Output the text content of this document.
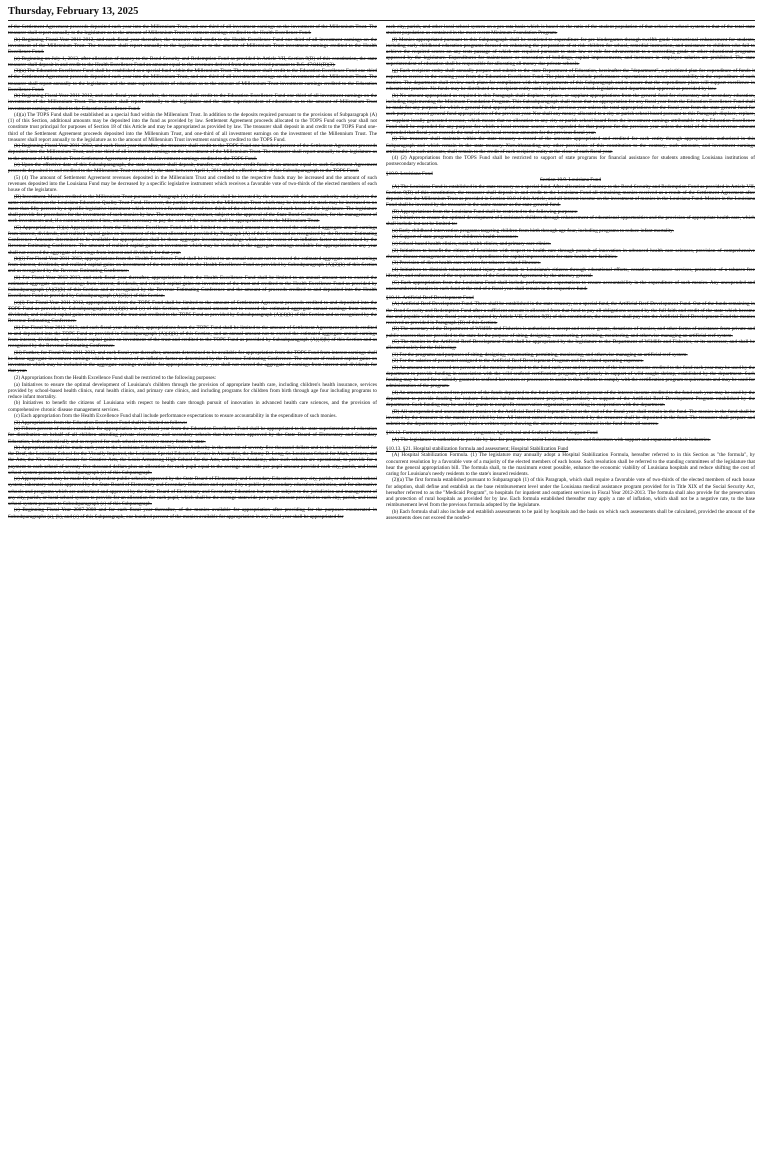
Thursday, February 13, 2025

of the Settlement Agreement proceeds deposited each year into the Millennium Trust, and one-third of all investment earnings on the investment of the Millennium Trust. The treasurer shall report annually to the legislature as to the amount of Millennium Trust investment earnings credited to the Health Excellence Fund.

(b) Beginning Fiscal Year 2011-2012, and each fiscal year thereafter, the treasurer shall credit to the Health Excellence Fund one-third of all investment earnings on the investment of the Millennium Trust. The treasurer shall report annually to the legislature as to the amount of Millennium Trust investment earnings credited to the Health Excellence Fund.

(c) Beginning on July 1, 2012, after allocation of money to the Bond Security and Redemption Fund as provided in Article VII, Section 9(B) of this constitution, the state treasurer shall deposit in and credit to the Health Excellence Fund an amount equal to the revenues derived from the tax levied pursuant to R.S. 47:841(B)(3).

(3)(a) The Education Excellence Fund shall be established as a special fund within the Millennium Trust. The treasurer shall credit to the Education Excellence Fund one-third of the Settlement Agreement proceeds deposited each year into the Millennium Trust, and one-third of all investment earnings on the investment of the Millennium Trust. The treasurer shall report annually to the legislature and the state superintendent of education as to the amount of Millennium Trust investment earnings credited to the Education Excellence Fund.

(b) Beginning Fiscal Year 2011-2012, and each fiscal year thereafter, the treasurer shall credit to the Education Excellence Fund one-third of all investment earnings on the investment of the Millennium Trust. The treasurer shall report annually to the legislature and the state superintendent of education as to the amount of Millennium Trust investment earnings credited to the Education Excellence Fund.

(4)(a) The TOPS Fund shall be established as a special fund within the Millennium Trust. In addition to the deposits required pursuant to the provisions of Subparagraph (A)(1) of this Section, additional amounts may be deposited into the fund as provided by law. Settlement Agreement proceeds allocated to the TOPS Fund each year shall not constitute trust principal for purposes of Section 18 of this Article and may be appropriated as provided by law. The treasurer shall deposit in and credit to the TOPS Fund one-third of the Settlement Agreement proceeds deposited into the Millennium Trust, and one-third of all investment earnings on the investment of the Millennium Trust. The treasurer shall report annually to the legislature as to the amount of Millennium Trust investment earnings credited to the TOPS Fund.

(b) Beginning Fiscal Year 2011-2012, and each fiscal year thereafter, the treasurer shall credit to the TOPS Fund one hundred percent of the Settlement Agreement proceeds deposited into the Millennium Trust, and one-third of all investment earnings on the investment of the Millennium Trust. The treasurer shall report annually to the legislature as to the amount of Millennium Trust Settlement Agreement proceeds and investment earnings credited to the TOPS Fund.

(c) Upon the effective date of this Subsubparagraph, the state treasurer shall deposit, transfer, or otherwise credit funds in an amount equal to such Settlement Agreement proceeds deposited in and credited to the Millennium Trust received by the state between April 1, 2011 and the effective date of this Subsubparagraph to the TOPS Fund.

(5) (4) The amount of Settlement Agreement revenues deposited in the Millennium Trust and credited to the respective funds may be increased and the amount of such revenues deposited into the Louisiana Fund may be decreased by a specific legislative instrument which receives a favorable vote of two-thirds of the elected members of each house of the legislature.

(B) Investment. Monies credited to the Millennium Trust pursuant to Paragraph (A) of this Section shall be invested by the treasurer with the same authority and subject to the same restrictions as the Louisiana Education Quality Trust Fund. However, the portion of monies in the Millennium Trust which may be invested in stock may be increased to no more than fifty percent by a specific legislative instrument which receives a favorable vote of two-thirds of the elected members of each house of the legislature. The legislature shall provide for procedures for the investment of such monies by law. The treasurer may contract, subject to the approval of the State Bond Commission, for the management of such investments and, if a contract is entered into, amounts necessary to pay the costs of the contract shall be appropriated from the Millennium Trust.

(C) Appropriations. (1)(a) Appropriations from the Education Excellence Fund shall be limited to an annual amount not to exceed the estimated aggregate annual earnings from interest, dividends, and realized capital gains on investment of the trust allocated as provided by Paragraph (A) of this Section and as recognized by the Revenue Estimating Conference. Amounts determined to be available for appropriation shall be those aggregate investment earnings which are in excess of an inflation factor as determined by the Revenue Estimating Conference. The amount of realized capital gains on investment which may be included in the aggregate earnings available for appropriation in any year shall not exceed the aggregate of earnings from interest and dividends for that year.

(b)(i) For Fiscal Year 2011-2012, appropriations from the Health Excellence Fund shall be limited to an annual amount not to exceed the estimated aggregate annual earnings from interest, dividends, and realized capital gains on investment of the trust credited to the Health Excellence Fund as provided by Subsubparagraph (A)(2)(b) of this Section and as recognized by the Revenue Estimating Conference.

(ii) For Fiscal Year 2012-2013, and each fiscal year thereafter, appropriations from the Health Excellence Fund shall be limited to an annual amount not to exceed the estimated aggregate annual earnings from interest, dividends, and realized capital gains on investment of the trust and credited to the Health Excellence Fund as provided by Subsubparagraph (A)(2)(b) of this Section and as recognized by the Revenue Estimating Conference and the amount of proceeds credited to and deposited into the Health Excellence Fund as provided by Subsubparagraph (A)(2)(c) of this Section.

(c)(i) For Fiscal Year 2011-2012, appropriations from the TOPS Fund shall be limited to the amount of Settlement Agreement proceeds credited to and deposited into the TOPS Fund as provided by Subsubparagraphs (A)(4)(b) and (c) of this Section, and an annual amount not to exceed the estimated aggregate annual earnings from interest, dividends, and realized capital gains on investment of the trust and credited to the TOPS Fund as provided by Subsubparagraph (A)(4)(b) of this Section and as recognized by the Revenue Estimating Conference.

(ii) For Fiscal Year 2012-2013, and each fiscal year thereafter, appropriations from the TOPS Fund shall be limited to the amount of Settlement Agreement proceeds credited to and deposited into the TOPS Fund as provided in Subsubparagraph (A)(4)(b) of this Section, and an annual amount not to exceed the estimated aggregate annual earnings from interest, dividends, and realized capital gains on investment of the trust and credited to the TOPS Fund as provided by Subsubparagraph (A)(4)(b) of this Section and as recognized by the Revenue Estimating Conference.

(iii) Further, for Fiscal Year 2011-2012, and each fiscal year thereafter, amounts determined to be available for appropriation from the TOPS Fund from interest earnings shall be those aggregate investment earnings which are in excess of an inflation factor as determined by the Revenue Estimating Conference. The amount of realized capital gains on investment which may be included in the aggregate earnings available for appropriation in any year shall not exceed the aggregate of earnings from interest and dividends for that year.

(2) Appropriations from the Health Excellence Fund shall be restricted to the following purposes:

(a) Initiatives to ensure the optimal development of Louisiana's children through the provision of appropriate health care, including children's health insurance, services provided by school-based health clinics, rural health clinics, and primary care clinics, and including programs for children from birth through age four including programs to reduce infant mortality.

(b) Initiatives to benefit the citizens of Louisiana with respect to health care through pursuit of innovation in advanced health care sciences, and the provision of comprehensive chronic disease management services.

(c) Each appropriation from the Health Excellence Fund shall include performance expectations to ensure accountability in the expenditure of such monies.

(3) Appropriations from the Education Excellence Fund shall be limited as follows:

(a) Fifteen percent of monies available for appropriation in any fiscal year from the Education Excellence Fund shall be appropriated to the state superintendent of education for distribution on behalf of all children attending private elementary and secondary schools that have been approved by the State Board of Elementary and Secondary Education, both academically and as required for such schools to receive money from the state.

(b) Appropriations shall be made each year to the Louisiana Educational Television Authority in the amount of seventy-five thousand dollars and to the Louisiana School for the Deaf, the Louisiana School for the Visually Impaired, the Louisiana Special Education Center in Alexandria, the Jimmy D. Long, Sr. Louisiana School for Math, Science, and the Arts, the New Orleans Center for Creative Arts, the Louis Armstrong High School for the Arts, and Thrive Academy, after such schools are operational, to provide for a payment to each school of seventy-five thousand dollars plus an allocation for each pupil equal to the average statewide per pupil amount provided each city, parish, and local school system pursuant to Subsubparagraph (e) of this Subparagraph.

(c) Appropriations may be made for independent public schools approved by the State Board of Elementary and Secondary Education or any city, parish, or other local school system, laboratory schools approved by the State Board of Elementary and Secondary Education and operated by a public postsecondary education institution, and for alternative schools and programs which are authorized and approved by the State Board of Elementary and Secondary Education but are not subject to the jurisdiction and management of any city, parish, or local school system to provide for an allocation for each pupil, which shall be the average statewide per pupil amount provided to each city, parish, and local school system pursuant to Subsubparagraph (e) of this Subparagraph.

(e) Beginning Fiscal Year 2007-2008 and for each fiscal year thereafter, of the monies available for appropriation after providing for the purposes enumerated in Subsubparagraphs (a), (b), and (c) of this Subparagraph, one hundred percent of the monies available for appropriation in any fiscal year shall be appropriated for

each city, parish, and other local school system on a pro rata basis which is based on the ratio of the student population of that school or school system to that of the total state student population as contained in the most recent Minimum Foundation Program.

(f) Monies appropriated pursuant to this Subparagraph shall be restricted to expenditure for pre-kindergarten through twelfth grade instructional enhancement for students, including early childhood education programs focused on enhancing the preparation of at-risk children for school, remedial instruction, and assistance to children who fail to achieve the required scores on any tests passage of which are required pursuant to state law or rule for advancement to a succeeding grade or other educational programs approved by the legislature. Expenditures for maintenance or renovation of buildings, capital improvements, and increases in employee salaries are prohibited. The state superintendent of education shall be responsible for allocating all money due private schools.

(g) Each recipient entity shall annually prepare and submit to the state Department of Education, hereinafter the "department", a prioritized plan for expenditure of funds it expects to receive in the coming year from the Education Excellence Fund. The plan shall include performance expectations to ensure accountability in the expenditure of such monies. The department shall review such plans for compliance with the requirements of this Subparagraph and to assure that the expenditure plans will support excellence in educational practice. No funds may be distributed to a recipient entity until its plan has received both legislative and departmental approval as provided by law.

(h) No amount appropriated as required in this Paragraph shall displace, replace, or supplant appropriations from the general fund for elementary and secondary education, including implementing the Minimum Foundation Program. This Subsubparagraph shall mean that no appropriation for any fiscal year from the Education Excellence Fund shall be made for any purpose for which a general fund appropriation was made in the previous year unless the total appropriations for the fiscal year from the state general fund for such purpose exceed general fund appropriations of the previous year. Nor shall any money allocated to a city or parish school board pursuant to this Paragraph displace, replace, or supplant locally generated revenue, which means that no allocation to any city or parish school board from the investment earnings attributable to the Education Excellence Fund shall be expended for any purpose for which a local revenue source was expended for that purpose for the previous year unless the total of the local revenue amount expended that fiscal year exceeds the total of such local revenue amounts for the previous fiscal year.

(i) The treasurer shall maintain within the state treasury a record of the amounts appropriated and credited for each entity through appropriations authorized in this Subparagraph and which remain in the state treasury. Notwithstanding any other provisions of this constitution to the contrary, such amounts, and investment earnings attributable to such amounts, shall remain to the credit of each recipient entity at the close of each fiscal year.

(4) (2) Appropriations from the TOPS Fund shall be restricted to support of state programs for financial assistance for students attending Louisiana institutions of postsecondary education.

§10.9. Louisiana Fund

Section 10.9. Louisiana Fund

(A) The Louisiana Fund is established in the state treasury as a special fund. After allocation of money to the Bond Security and Redemption Fund as provided in Article VII, Section 9(B) of this constitution, the treasurer shall deposit in and credit to the Louisiana Fund all remaining monies received as a result of the Settlement Agreement after deposits into the Millennium Trust as provided in Section 10.8 of this Article, and all interest income on the investment of monies in the Louisiana Fund. Monies in the Louisiana Fund shall be invested by the treasurer in the same manner as the state general fund.

(B) Appropriations from the Louisiana Fund shall be restricted to the following purposes:

(1) Initiatives to ensure the optimal development of Louisiana's children through enhancement of educational opportunities and the provision of appropriate health care, which shall include but not be limited to:

(a) Early childhood intervention programs targeting children from birth through age four, including programs to reduce infant mortality.

(b) Support of state programs for children's health insurance.

(c) School-based health clinics, rural health clinics, and primary care clinics.

(2) Initiatives to benefit the citizens of Louisiana with respect to health care through pursuit of innovation in advanced health care sciences, provision of comprehensive chronic disease management services, and expenditures for capital improvements for state health care facilities.

(3) Provision of direct health care services for tobacco-related illnesses.

(4) Initiatives to diminish tobacco-related injury and death to Louisiana's citizens through educational efforts, cessation assistance services, promotion of a tobacco-free lifestyle, and enforcement of the requirements of the Settlement Agreement by the attorney general.

(C) Each appropriation from the Louisiana Fund shall include performance expectations to ensure accountability in the expenditure of such monies. Any unexpended and unencumbered monies in each fund at the end of a fiscal year shall remain in the respective fund.

§10.11. Artificial Reef Development Fund

(A) Artificial Reef Development Fund. There shall be established in the state treasury, as a special fund, the Artificial Reef Development Fund. Out of the funds remaining in the Bond Security and Redemption Fund after a sufficient amount is allocated from that fund to pay all obligations secured by the full faith and credit of the state which become due and payable within any fiscal year as required by Article VII, Section 9(B) of this constitution, the treasurer shall pay into the Artificial Reef Development Fund the monies received as provided in Paragraph (B) of this Section.

(B) The secretary of the Department of Wildlife and Fisheries is authorized to accept and receive grants, donations of monies, and other forms of assistance from private and public sources that are provided to the state for the purpose of siting, designing, constructing, permitting, monitoring, and otherwise managing an artificial reef system.

(C) The monies in the Artificial Reef Development Fund shall be appropriated by the legislature to the Department of Wildlife and Fisheries, or its successor, and shall be allocated solely for the following:

(1) For the programs and purposes of siting, designing, constructing, permitting, monitoring, and otherwise managing an artificial reef system.

(2) For the salaries of personnel assigned to the Artificial Reef Development Program and for related operating expenses.

(3) An amount not to exceed ten percent of the monies deposited to the fund each year and ten percent of the interest income credited to the fund each year may be used by the department to provide funding in association with the wild seafood certification program, particularly in support of wild-caught shrimp, established by the department. Such funding may be used for a subsidy granted to seafood harvesters or processors to assist in their efforts to comply with the certification program requirements and may be used for administration of the program.

(4) An amount not to exceed ten percent of the funds deposited to the fund each year and ten percent of the interest income credited to the fund each year may be used by the department to provide funding for inshore fisheries habitat enhancement projects, particularly in support of the Artificial Reef Development Program established by the department. Such funding may be used for grants to nonprofit conservation organizations working in cooperation with the department.

(D) All unexpended and unencumbered monies in the Artificial Reef Development Fund at the end of the fiscal year shall remain in the fund. The monies in the fund shall be invested by the treasurer in the manner provided by law. All interest earned on monies invested by the treasurer shall be deposited in the fund. The treasurer shall prepare and submit to the department on a quarterly basis a written report showing the amount of money contained in the fund from all sources.

§10.12. Farmers and fishermen assistance programs; Agricultural and Seafood Products Support Fund

(A) The legislature is authorized to provide by law for programs to assist Louisiana farmers and fishermen with support and expansion of their industries.

§10.13. §21. Hospital stabilization formula and assessment; Hospital Stabilization Fund

(A) Hospital Stabilization Formula. (1) The legislature may annually adopt a Hospital Stabilization Formula, hereafter referred to in this Section as "the formula", by concurrent resolution by a favorable vote of a majority of the elected members of each house. Such resolution shall be referred to the standing committees of the legislature that hear the general appropriation bill. The formula shall, to the maximum extent possible, enhance the economic viability of Louisiana hospitals and reduce shifting the cost of caring for Louisiana's needy residents to the state's insured residents.

(2)(a) The first formula established pursuant to Subparagraph (1) of this Paragraph, which shall require a favorable vote of two-thirds of the elected members of each house for adoption, shall define and establish as the base reimbursement level under the Louisiana medical assistance program provided for in Title XIX of the Social Security Act, hereafter referred to as the "Medicaid Program", to hospitals for inpatient and outpatient services in Fiscal Year 2012-2013. The formula shall also provide for the preservation and protection of rural hospitals as provided for by law. Each formula established thereafter may apply a rate of inflation, which shall not be a negative rate, to the base reimbursement level from the previous formula adopted by the legislature.

(b) Each formula shall also include and establish assessments to be paid by hospitals and the basis on which such assessments shall be calculated, provided the amount of the assessments does not exceed the nonfed-
